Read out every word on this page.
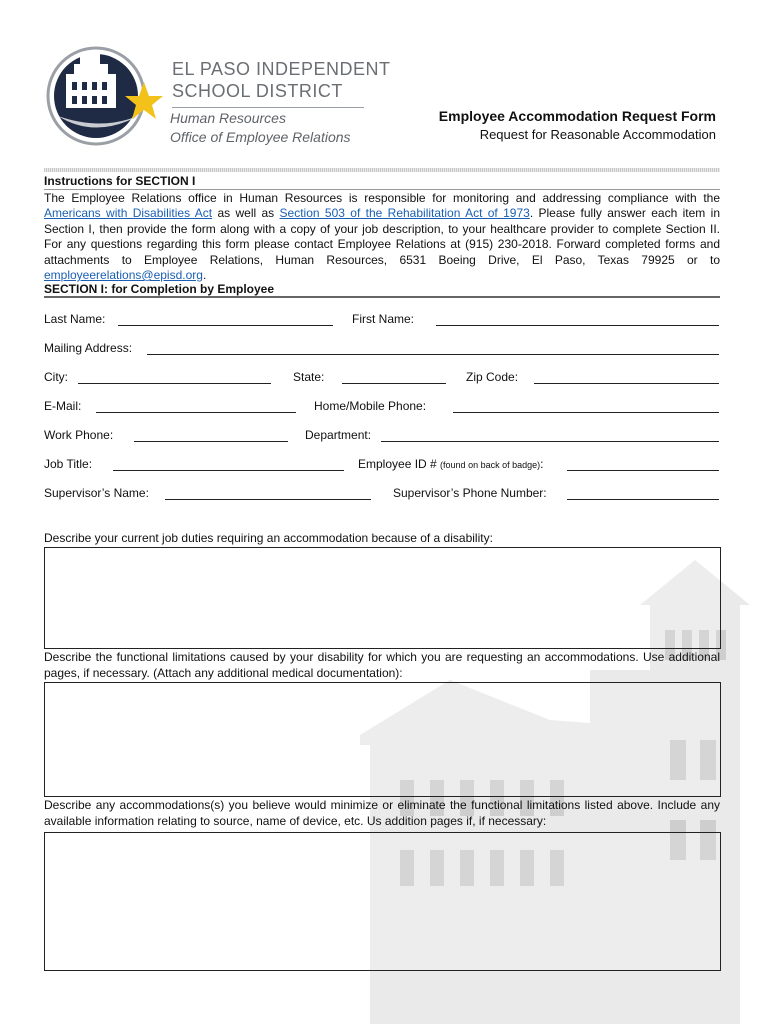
EL PASO INDEPENDENT
SCHOOL DISTRICT
Human Resources
Office of Employee Relations
Employee Accommodation Request Form
Request for Reasonable Accommodation
Instructions for SECTION I
The Employee Relations office in Human Resources is responsible for monitoring and addressing compliance with the Americans with Disabilities Act as well as Section 503 of the Rehabilitation Act of 1973. Please fully answer each item in Section I, then provide the form along with a copy of your job description, to your healthcare provider to complete Section II. For any questions regarding this form please contact Employee Relations at (915) 230-2018. Forward completed forms and attachments to Employee Relations, Human Resources, 6531 Boeing Drive, El Paso, Texas 79925 or to employeerelations@episd.org.
SECTION I: for Completion by Employee
Last Name:	First Name:
Mailing Address:
City:	State:	Zip Code:
E-Mail:	Home/Mobile Phone:
Work Phone:	Department:
Job Title:	Employee ID # (found on back of badge):
Supervisor’s Name:	Supervisor’s Phone Number:
Describe your current job duties requiring an accommodation because of a disability:
Describe the functional limitations caused by your disability for which you are requesting an accommodations. Use additional pages, if necessary. (Attach any additional medical documentation):
Describe any accommodations(s) you believe would minimize or eliminate the functional limitations listed above. Include any available information relating to source, name of device, etc. Us addition pages if, if necessary:
